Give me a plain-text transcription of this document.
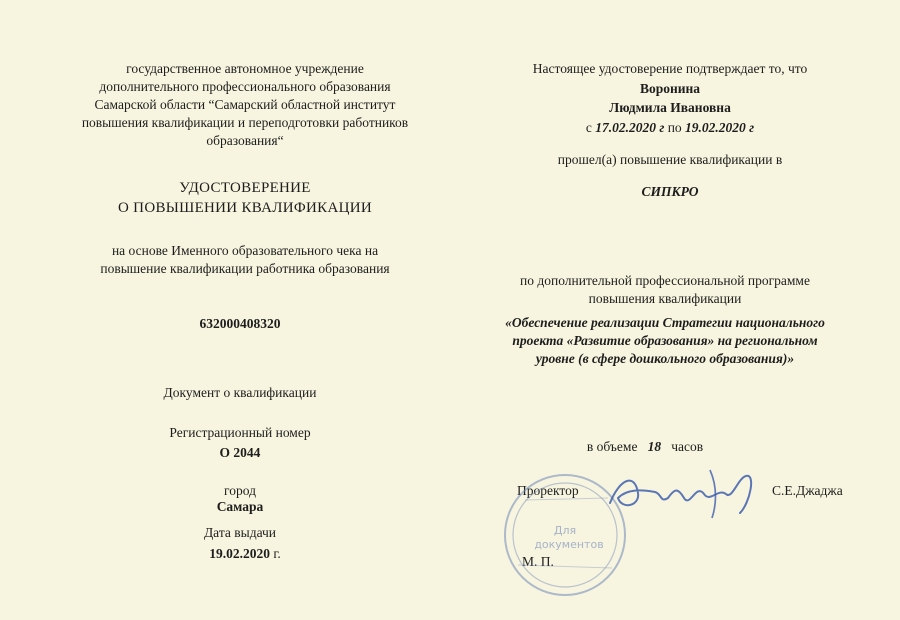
государственное автономное учреждение
дополнительного профессионального образования
Самарской области “Самарский областной институт
повышения квалификации и переподготовки работников
образования“
УДОСТОВЕРЕНИЕ
О ПОВЫШЕНИИ КВАЛИФИКАЦИИ
на основе Именного образовательного чека на
повышение квалификации работника образования
632000408320
Документ о квалификации
Регистрационный номер
О 2044
город
Самара
Дата выдачи
19.02.2020 г.
Настоящее удостоверение подтверждает то, что
Воронина
Людмила Ивановна
с 17.02.2020 г по 19.02.2020 г
прошел(а) повышение квалификации в
СИПКРО
по дополнительной профессиональной программе
повышения квалификации
«Обеспечение реализации Стратегии национального
проекта «Развитие образования» на региональном
уровне (в сфере дошкольного образования)»
в объеме 18 часов
Проректор	С.Е.Джаджа
М. П.
Для
документов
